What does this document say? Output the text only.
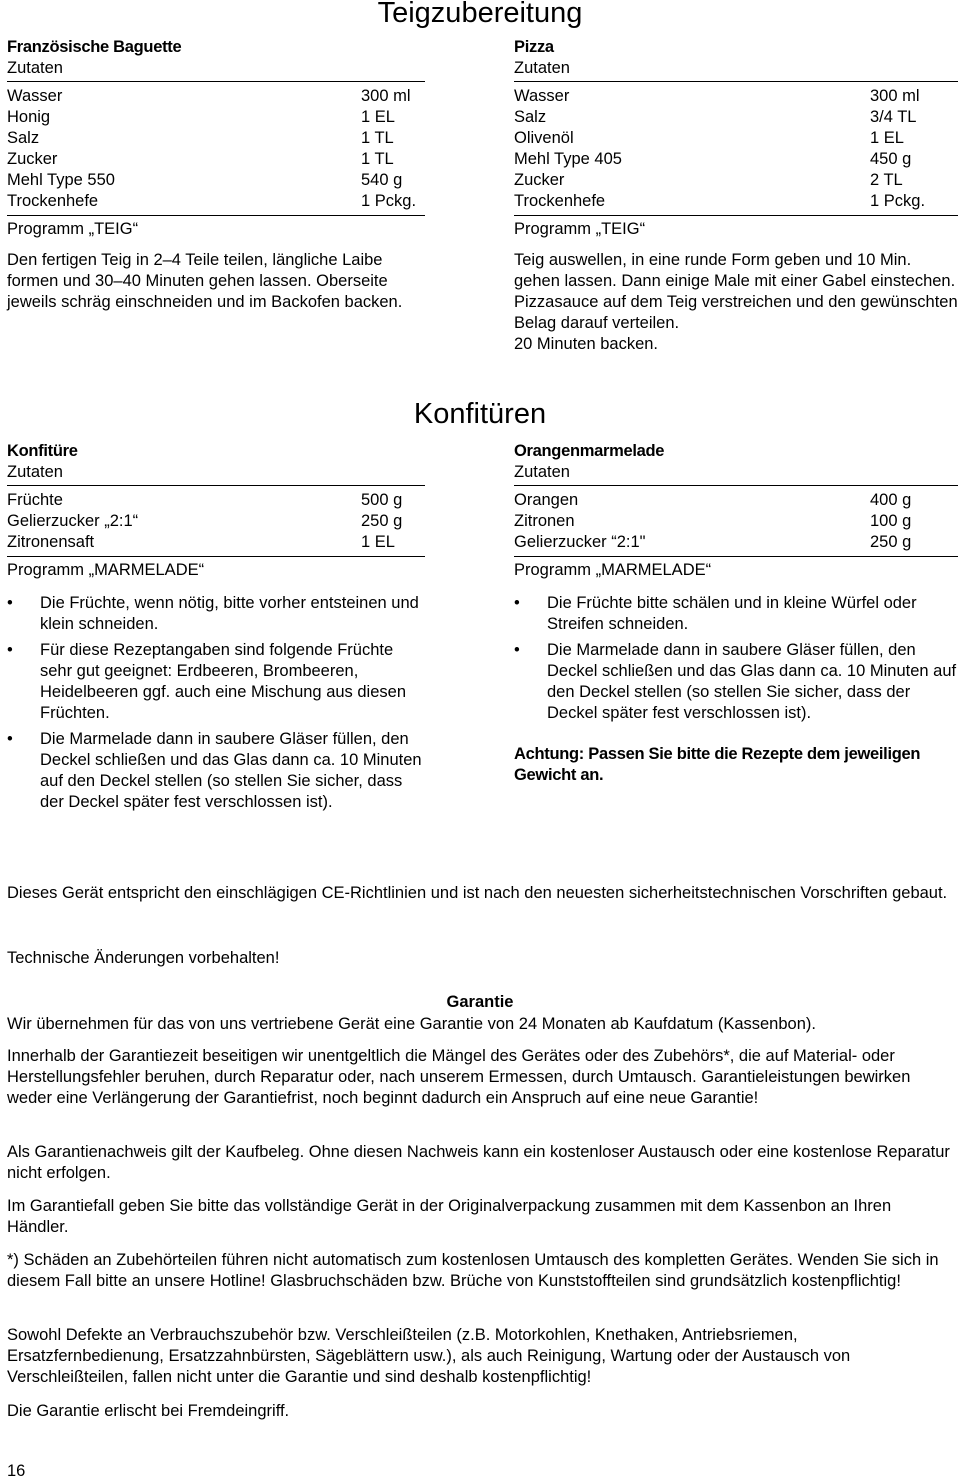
Teigzubereitung
Konfitüren
Französische Baguette
Zutaten
Wasser	300 ml
Honig	1 EL
Salz	1 TL
Zucker	1 TL
Mehl Type 550	540 g
Trockenhefe	1 Pckg.
Programm „TEIG“
Den fertigen Teig in 2–4 Teile teilen, längliche Laibe formen und 30–40 Minuten gehen lassen. Oberseite jeweils schräg einschneiden und im Backofen backen.
Pizza
Zutaten
Wasser	300 ml
Salz	3/4 TL
Olivenöl	1 EL
Mehl Type 405	450 g
Zucker	2 TL
Trockenhefe	1 Pckg.
Programm „TEIG“
Teig auswellen, in eine runde Form geben und 10 Min. gehen lassen. Dann einige Male mit einer Gabel einstechen.
Pizzasauce auf dem Teig verstreichen und den gewünschten Belag darauf verteilen.
20 Minuten backen.
Konfitüre
Zutaten
Früchte	500 g
Gelierzucker „2:1“	250 g
Zitronensaft	1 EL
Programm „MARMELADE“
• Die Früchte, wenn nötig, bitte vorher entsteinen und klein schneiden.
• Für diese Rezeptangaben sind folgende Früchte sehr gut geeignet: Erdbeeren, Brombeeren, Heidelbeeren ggf. auch eine Mischung aus diesen Früchten.
• Die Marmelade dann in saubere Gläser füllen, den Deckel schließen und das Glas dann ca. 10 Minuten auf den Deckel stellen (so stellen Sie sicher, dass der Deckel später fest verschlossen ist).
Orangenmarmelade
Zutaten
Orangen	400 g
Zitronen	100 g
Gelierzucker “2:1"	250 g
Programm „MARMELADE“
• Die Früchte bitte schälen und in kleine Würfel oder Streifen schneiden.
• Die Marmelade dann in saubere Gläser füllen, den Deckel schließen und das Glas dann ca. 10 Minuten auf den Deckel stellen (so stellen Sie sicher, dass der Deckel später fest verschlossen ist).
Achtung: Passen Sie bitte die Rezepte dem jeweiligen Gewicht an.
Dieses Gerät entspricht den einschlägigen CE-Richtlinien und ist nach den neuesten sicherheitstechnischen Vorschriften gebaut.
Technische Änderungen vorbehalten!
Garantie
Wir übernehmen für das von uns vertriebene Gerät eine Garantie von 24 Monaten ab Kaufdatum (Kassenbon).
Innerhalb der Garantiezeit beseitigen wir unentgeltlich die Mängel des Gerätes oder des Zubehörs*, die auf Material- oder Herstellungsfehler beruhen, durch Reparatur oder, nach unserem Ermessen, durch Umtausch. Garantieleistungen bewirken weder eine Verlängerung der Garantiefrist, noch beginnt dadurch ein Anspruch auf eine neue Garantie!
Als Garantienachweis gilt der Kaufbeleg. Ohne diesen Nachweis kann ein kostenloser Austausch oder eine kostenlose Reparatur nicht erfolgen.
Im Garantiefall geben Sie bitte das vollständige Gerät in der Originalverpackung zusammen mit dem Kassenbon an Ihren Händler.
*) Schäden an Zubehörteilen führen nicht automatisch zum kostenlosen Umtausch des kompletten Gerätes. Wenden Sie sich in diesem Fall bitte an unsere Hotline! Glasbruchschäden bzw. Brüche von Kunststoffteilen sind grundsätzlich kostenpflichtig!
Sowohl Defekte an Verbrauchszubehör bzw. Verschleißteilen (z.B. Motorkohlen, Knethaken, Antriebsriemen, Ersatzfernbedienung, Ersatzzahnbürsten, Sägeblättern usw.), als auch Reinigung, Wartung oder der Austausch von Verschleißteilen, fallen nicht unter die Garantie und sind deshalb kostenpflichtig!
Die Garantie erlischt bei Fremdeingriff.
16
